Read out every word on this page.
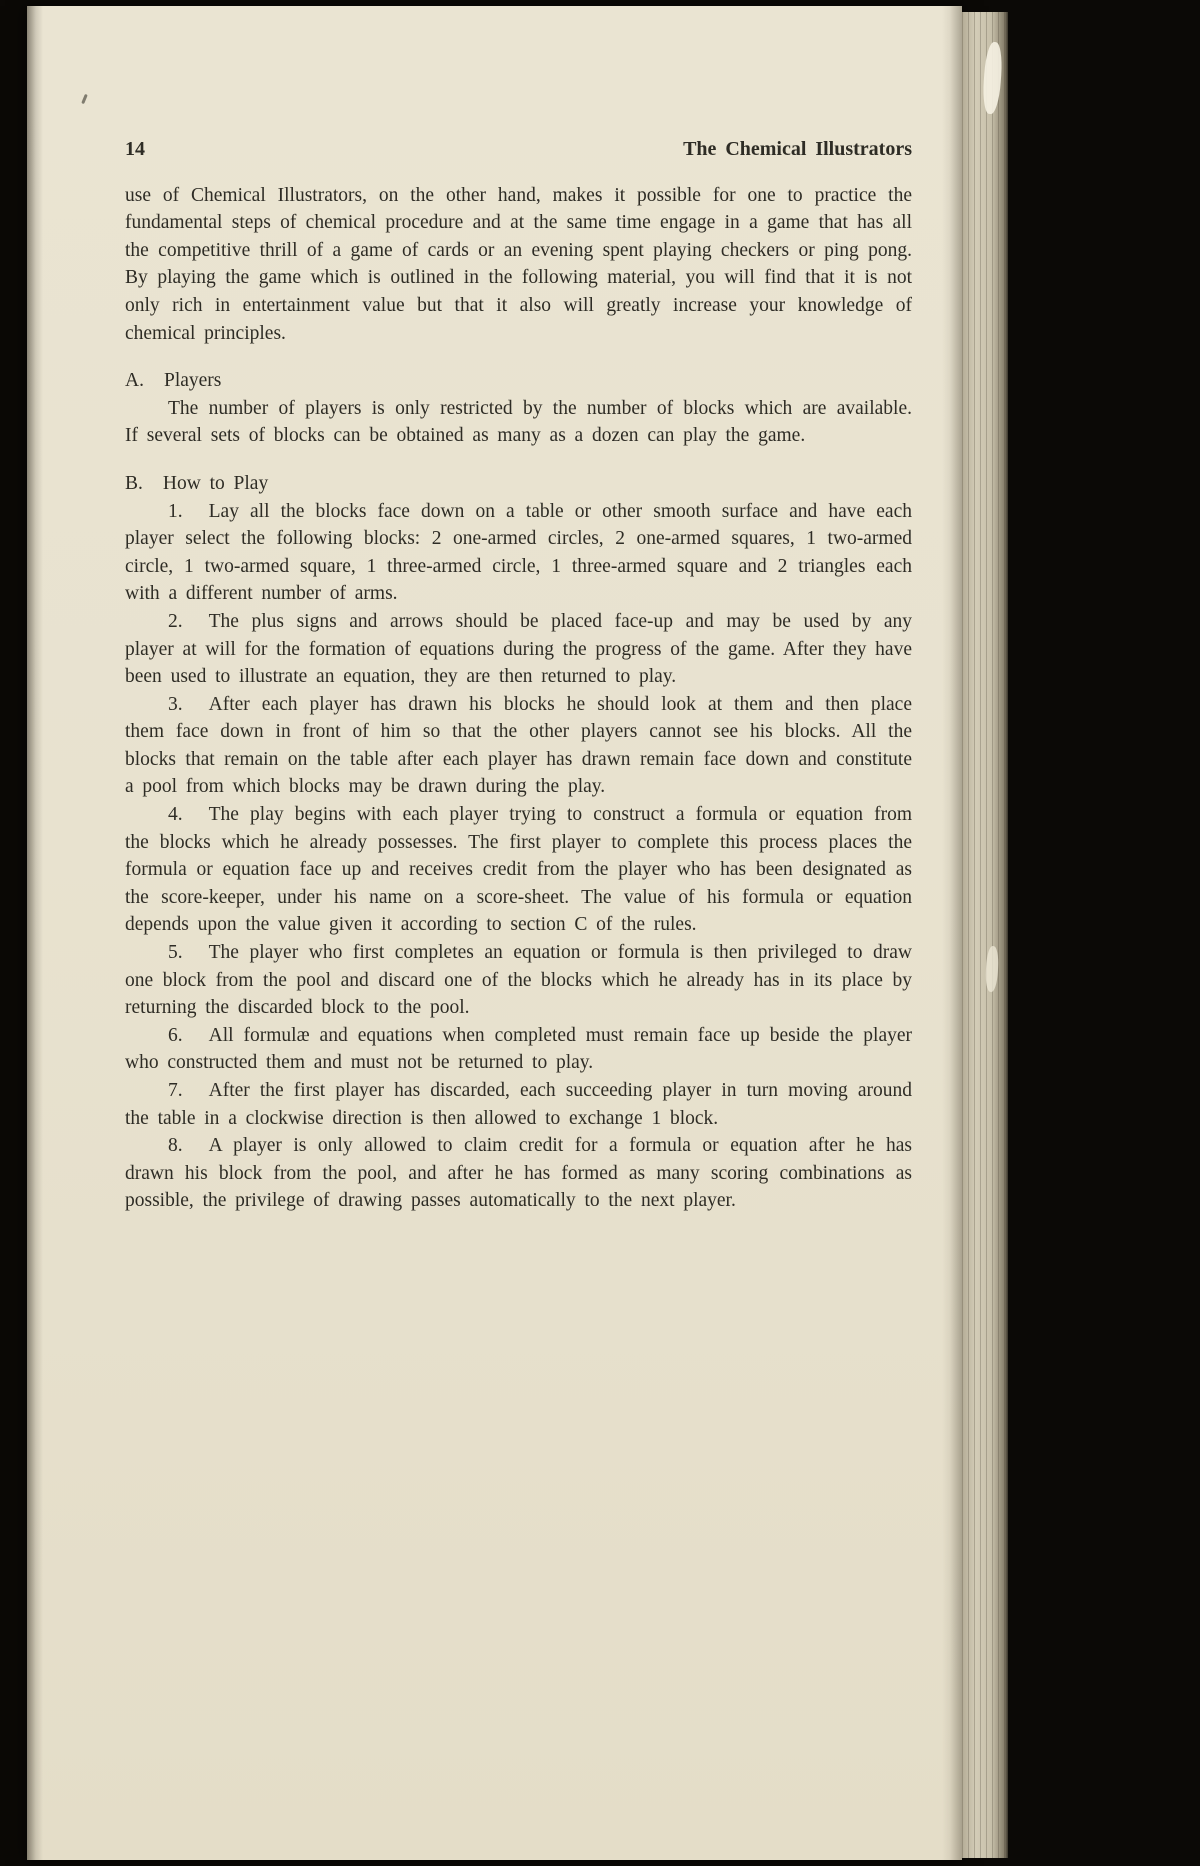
14	The Chemical Illustrators

use of Chemical Illustrators, on the other hand, makes it possible for one to practice the fundamental steps of chemical procedure and at the same time engage in a game that has all the competitive thrill of a game of cards or an evening spent playing checkers or ping pong. By playing the game which is outlined in the following material, you will find that it is not only rich in entertainment value but that it also will greatly increase your knowledge of chemical principles.

A. Players

The number of players is only restricted by the number of blocks which are available. If several sets of blocks can be obtained as many as a dozen can play the game.

B. How to Play

1. Lay all the blocks face down on a table or other smooth surface and have each player select the following blocks: 2 one-armed circles, 2 one-armed squares, 1 two-armed circle, 1 two-armed square, 1 three-armed circle, 1 three-armed square and 2 triangles each with a different number of arms.

2. The plus signs and arrows should be placed face-up and may be used by any player at will for the formation of equations during the progress of the game. After they have been used to illustrate an equation, they are then returned to play.

3. After each player has drawn his blocks he should look at them and then place them face down in front of him so that the other players cannot see his blocks. All the blocks that remain on the table after each player has drawn remain face down and constitute a pool from which blocks may be drawn during the play.

4. The play begins with each player trying to construct a formula or equation from the blocks which he already possesses. The first player to complete this process places the formula or equation face up and receives credit from the player who has been designated as the score-keeper, under his name on a score-sheet. The value of his formula or equation depends upon the value given it according to section C of the rules.

5. The player who first completes an equation or formula is then privileged to draw one block from the pool and discard one of the blocks which he already has in its place by returning the discarded block to the pool.

6. All formulæ and equations when completed must remain face up beside the player who constructed them and must not be returned to play.

7. After the first player has discarded, each succeeding player in turn moving around the table in a clockwise direction is then allowed to exchange 1 block.

8. A player is only allowed to claim credit for a formula or equation after he has drawn his block from the pool, and after he has formed as many scoring combinations as possible, the privilege of drawing passes automatically to the next player.
